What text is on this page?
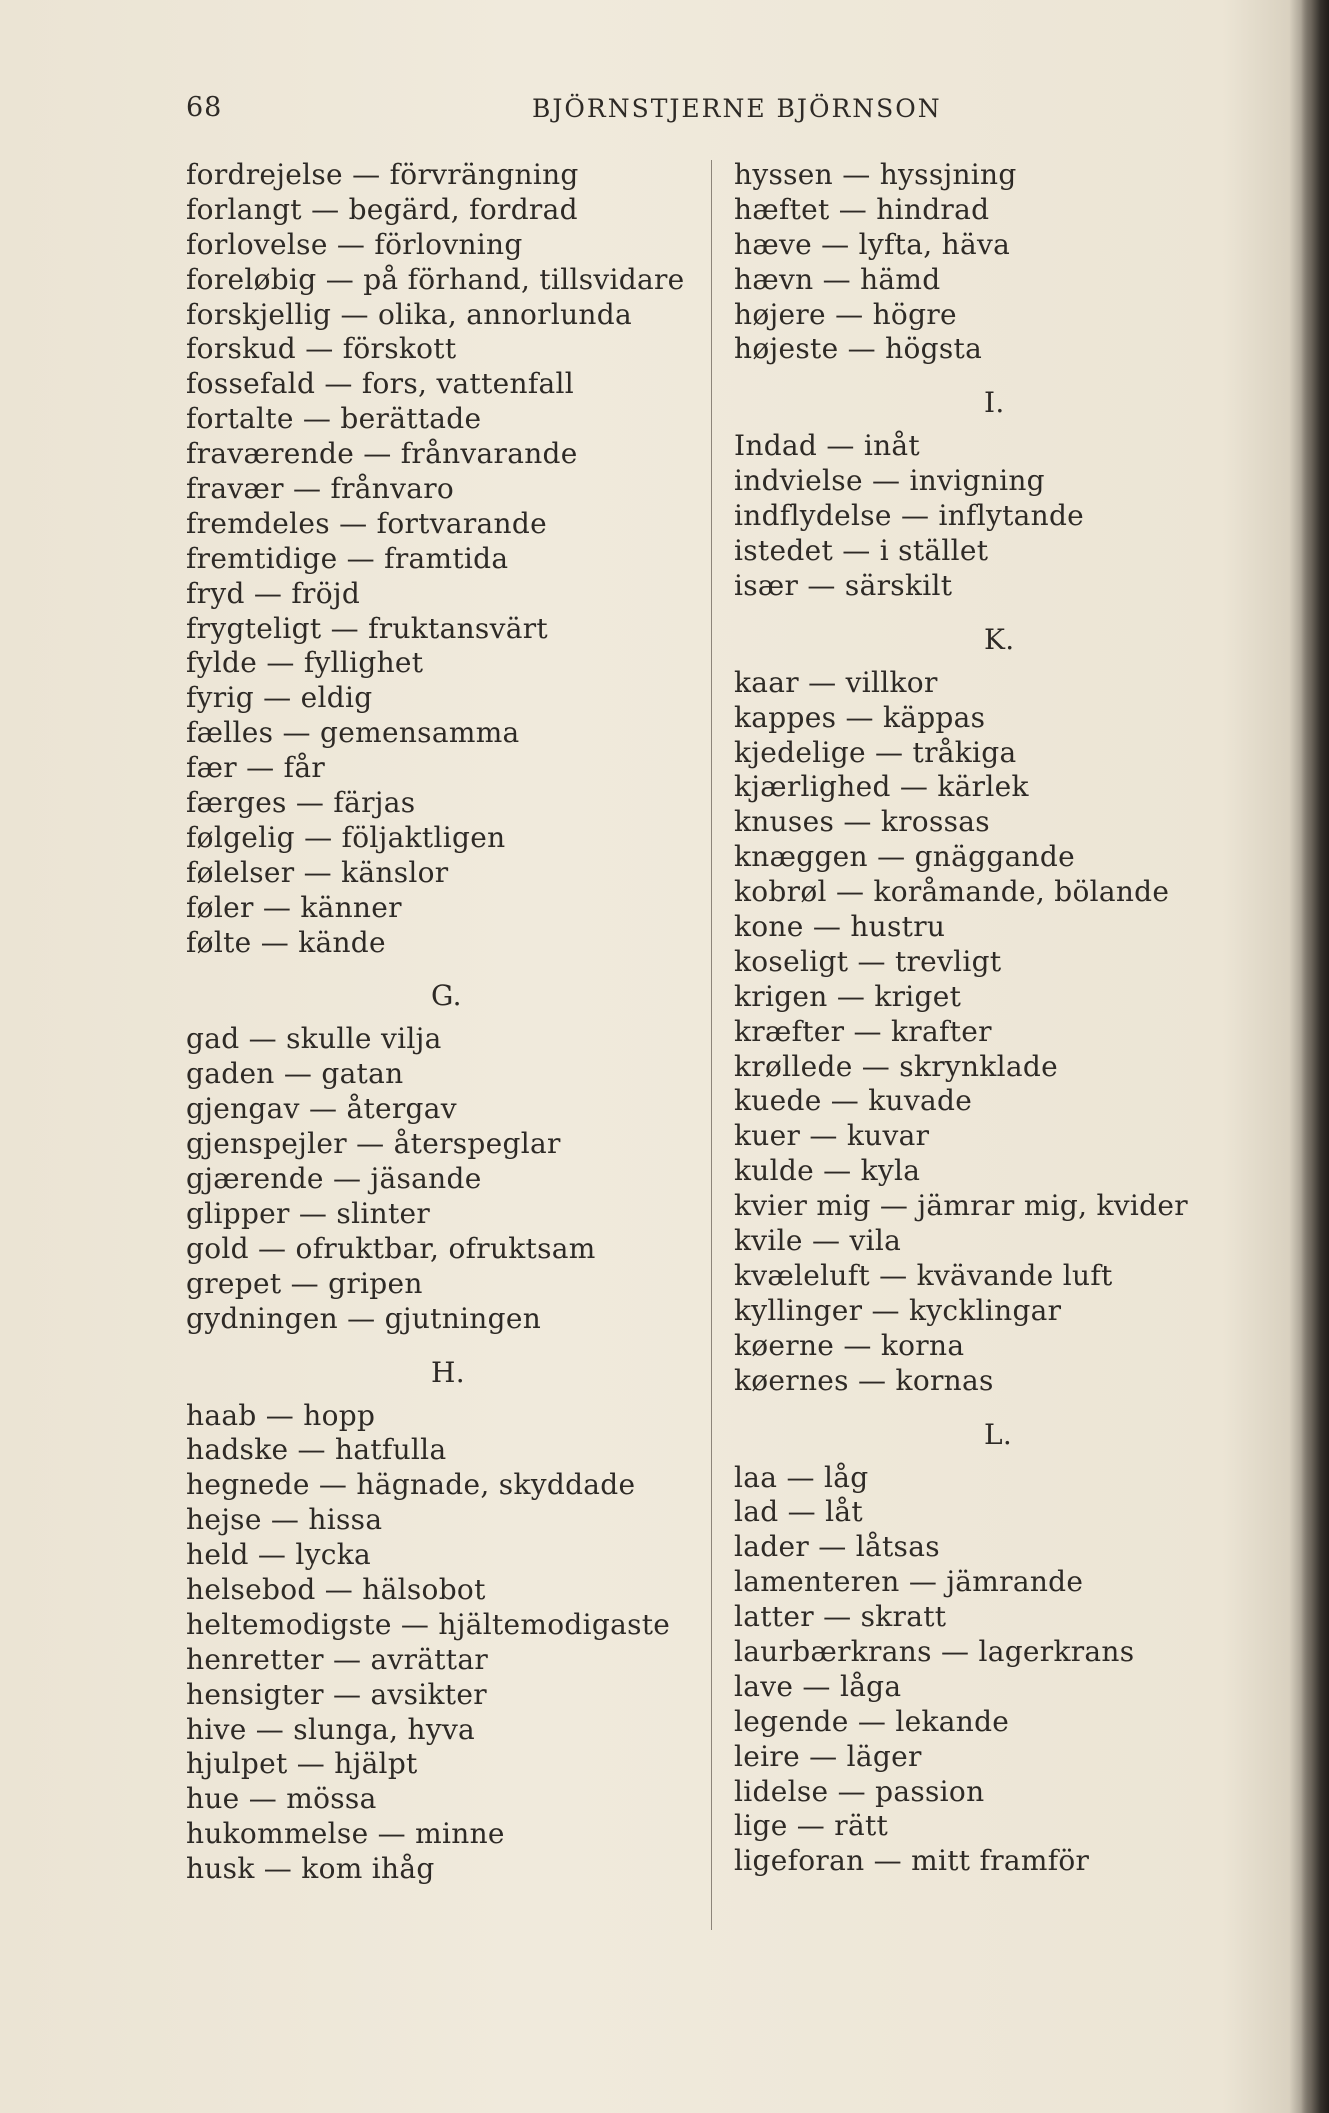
68	BJÖRNSTJERNE BJÖRNSON
fordrejelse — förvrängning
forlangt — begärd, fordrad
forlovelse — förlovning
foreløbig — på förhand, tillsvidare
forskjellig — olika, annorlunda
forskud — förskott
fossefald — fors, vattenfall
fortalte — berättade
fraværende — frånvarande
fravær — frånvaro
fremdeles — fortvarande
fremtidige — framtida
fryd — fröjd
frygteligt — fruktansvärt
fylde — fyllighet
fyrig — eldig
fælles — gemensamma
fær — får
færges — färjas
følgelig — följaktligen
følelser — känslor
føler — känner
følte — kände
G.
gad — skulle vilja
gaden — gatan
gjengav — återgav
gjenspejler — återspeglar
gjærende — jäsande
glipper — slinter
gold — ofruktbar, ofruktsam
grepet — gripen
gydningen — gjutningen
H.
haab — hopp
hadske — hatfulla
hegnede — hägnade, skyddade
hejse — hissa
held — lycka
helsebod — hälsobot
heltemodigste — hjältemodigaste
henretter — avrättar
hensigter — avsikter
hive — slunga, hyva
hjulpet — hjälpt
hue — mössa
hukommelse — minne
husk — kom ihåg
hyssen — hyssjning
hæftet — hindrad
hæve — lyfta, häva
hævn — hämd
højere — högre
højeste — högsta
I.
Indad — inåt
indvielse — invigning
indflydelse — inflytande
istedet — i stället
især — särskilt
K.
kaar — villkor
kappes — käppas
kjedelige — tråkiga
kjærlighed — kärlek
knuses — krossas
knæggen — gnäggande
kobrøl — koråmande, bölande
kone — hustru
koseligt — trevligt
krigen — kriget
kræfter — krafter
krøllede — skrynklade
kuede — kuvade
kuer — kuvar
kulde — kyla
kvier mig — jämrar mig, kvider
kvile — vila
kvæleluft — kvävande luft
kyllinger — kycklingar
køerne — korna
køernes — kornas
L.
laa — låg
lad — låt
lader — låtsas
lamenteren — jämrande
latter — skratt
laurbærkrans — lagerkrans
lave — låga
legende — lekande
leire — läger
lidelse — passion
lige — rätt
ligeforan — mitt framför
